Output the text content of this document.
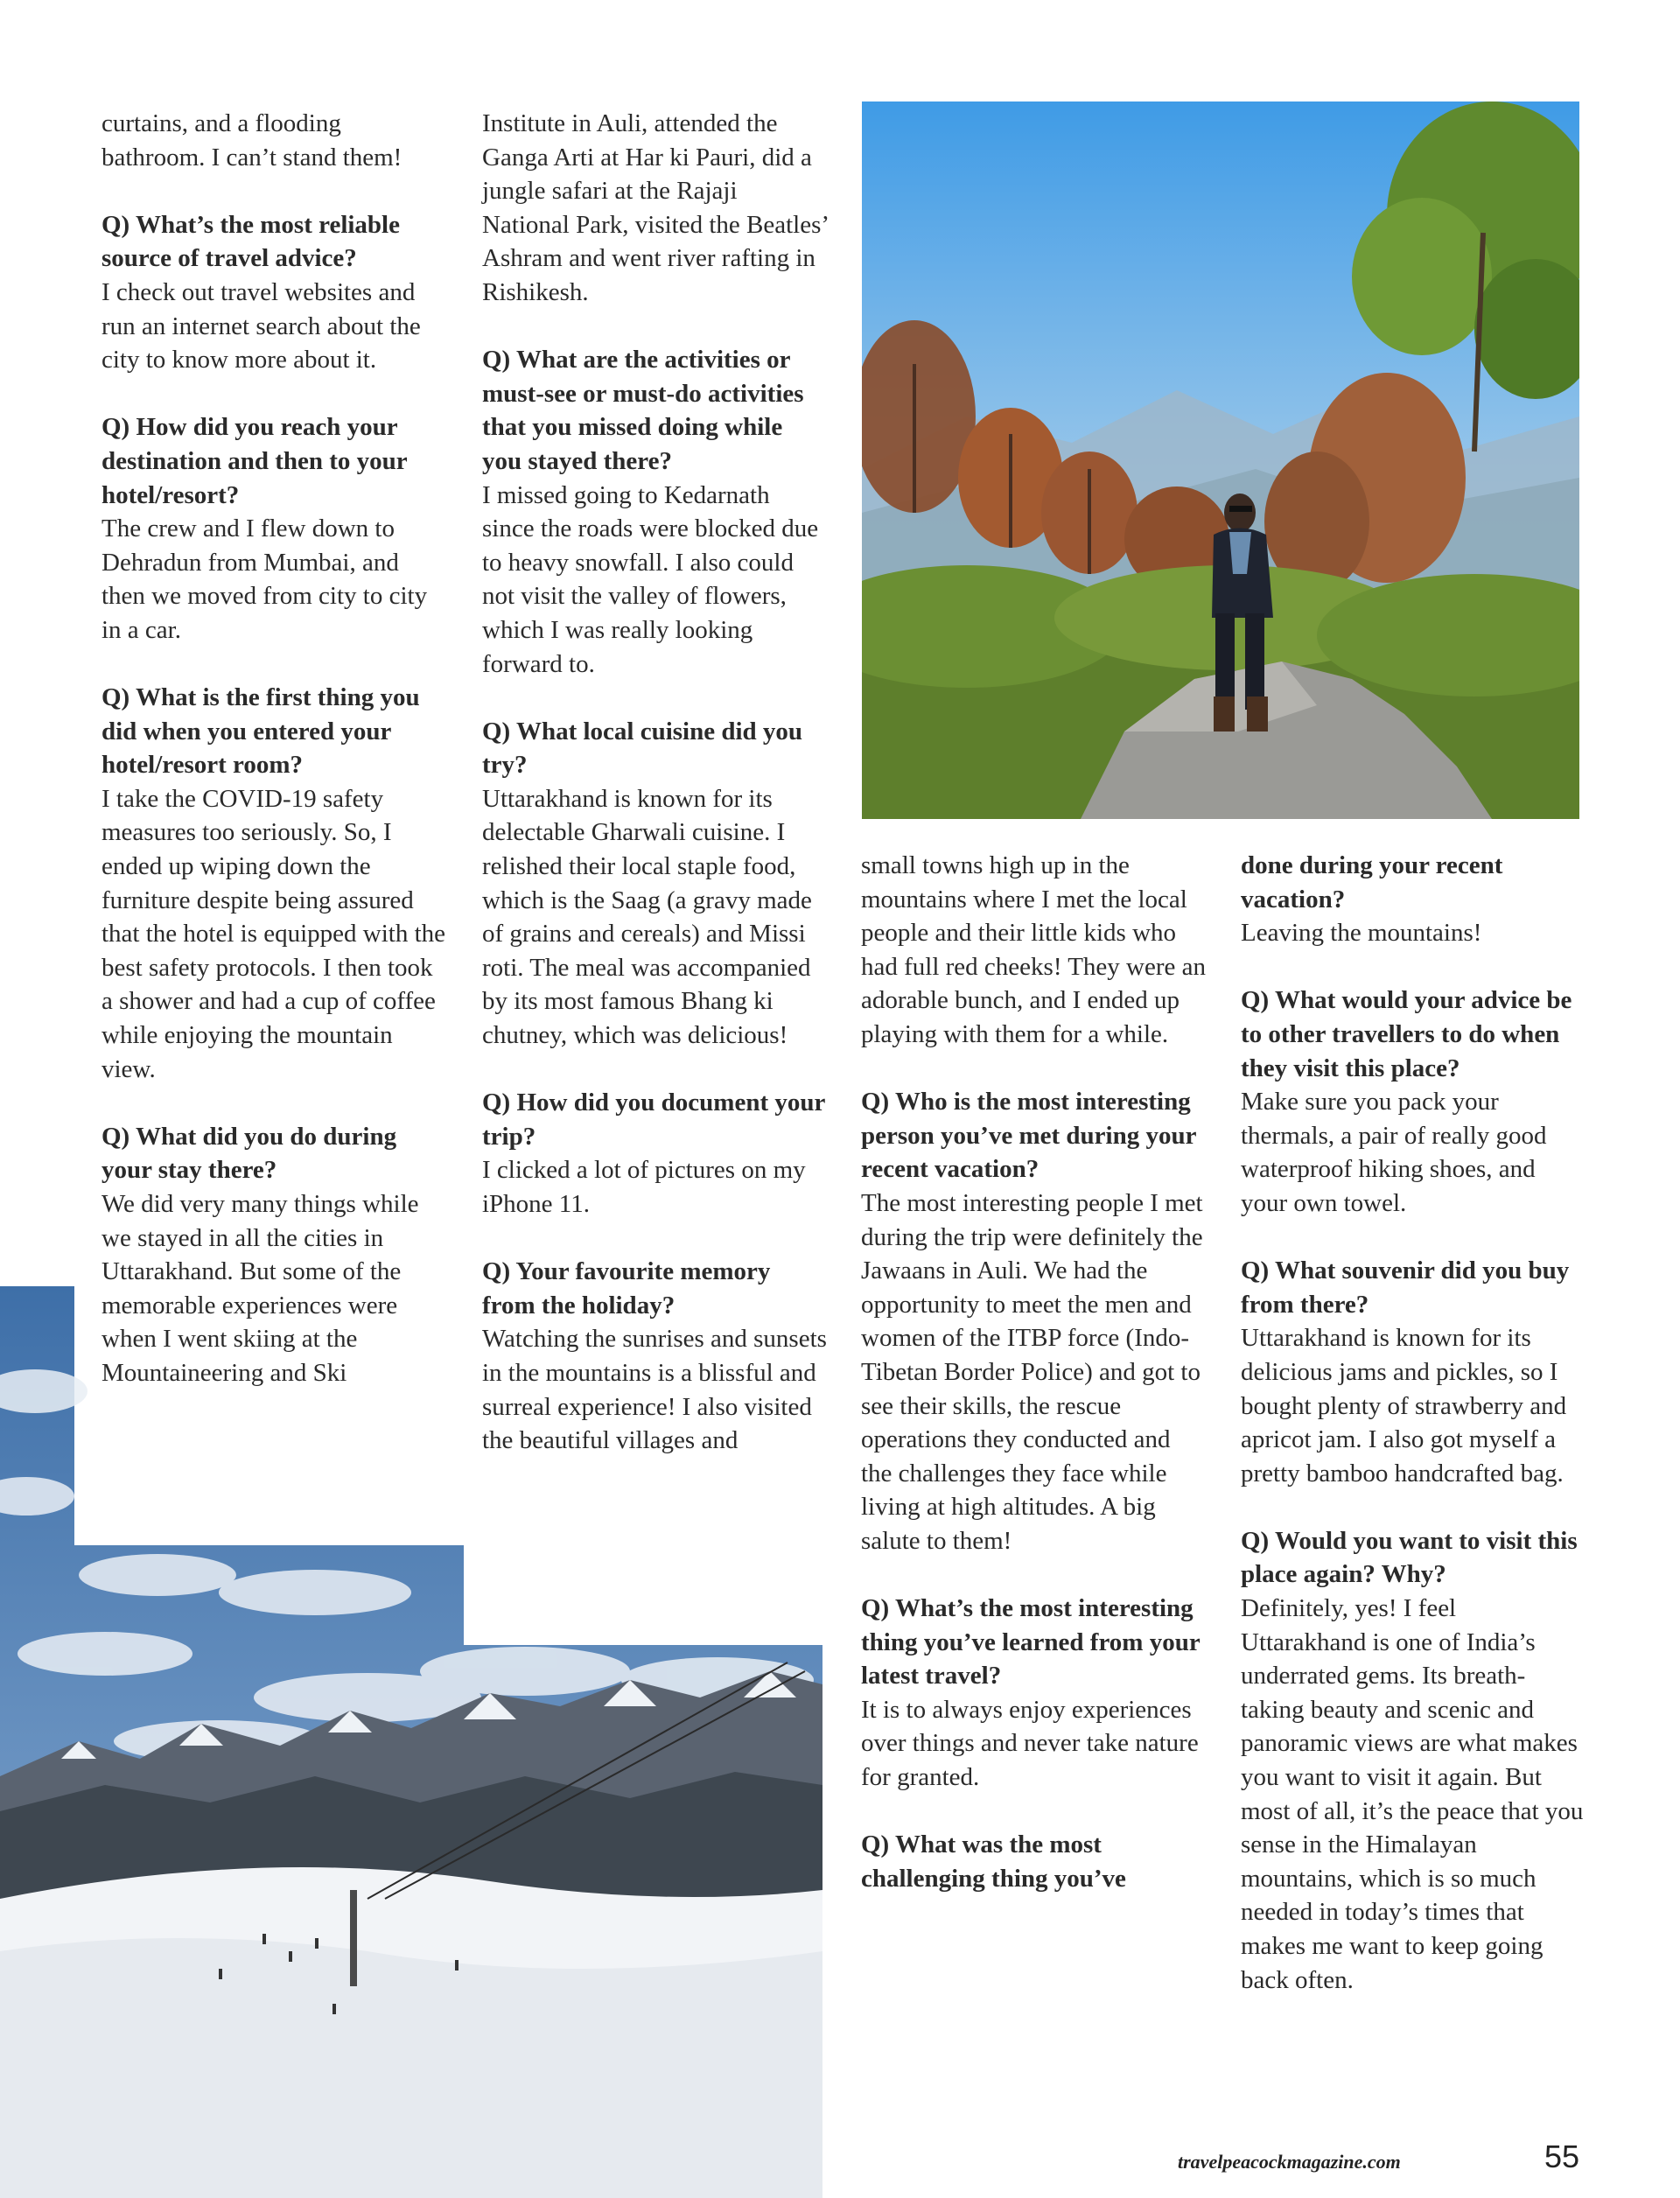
curtains, and a flooding bathroom. I can’t stand them!
Q) What’s the most reliable source of travel advice?
I check out travel websites and run an internet search about the city to know more about it.
Q) How did you reach your destination and then to your hotel/resort?
The crew and I flew down to Dehradun from Mumbai, and then we moved from city to city in a car.
Q) What is the first thing you did when you entered your hotel/resort room?
I take the COVID-19 safety measures too seriously. So, I ended up wiping down the furniture despite being assured that the hotel is equipped with the best safety protocols. I then took a shower and had a cup of coffee while enjoying the mountain view.
Q) What did you do during your stay there?
We did very many things while we stayed in all the cities in Uttarakhand. But some of the memorable experiences were when I went skiing at the Mountaineering and Ski
Institute in Auli, attended the Ganga Arti at Har ki Pauri, did a jungle safari at the Rajaji National Park, visited the Beatles’ Ashram and went river rafting in Rishikesh.
Q) What are the activities or must-see or must-do activities that you missed doing while you stayed there?
I missed going to Kedarnath since the roads were blocked due to heavy snowfall. I also could not visit the valley of flowers, which I was really looking forward to.
Q) What local cuisine did you try?
Uttarakhand is known for its delectable Gharwali cuisine. I relished their local staple food, which is the Saag (a gravy made of grains and cereals) and Missi roti. The meal was accompanied by its most famous Bhang ki chutney, which was delicious!
Q) How did you document your trip?
I clicked a lot of pictures on my iPhone 11.
Q) Your favourite memory from the holiday?
Watching the sunrises and sunsets in the mountains is a blissful and surreal experience! I also visited the beautiful villages and
small towns high up in the mountains where I met the local people and their little kids who had full red cheeks! They were an adorable bunch, and I ended up playing with them for a while.
Q) Who is the most interesting person you’ve met during your recent vacation?
The most interesting people I met during the trip were definitely the Jawaans in Auli. We had the opportunity to meet the men and women of the ITBP force (Indo- Tibetan Border Police) and got to see their skills, the rescue operations they conducted and the challenges they face while living at high altitudes. A big salute to them!
Q) What’s the most interesting thing you’ve learned from your latest travel?
It is to always enjoy experiences over things and never take nature for granted.
Q) What was the most challenging thing you’ve
done during your recent vacation?
Leaving the mountains!
Q) What would your advice be to other travellers to do when they visit this place?
Make sure you pack your thermals, a pair of really good waterproof hiking shoes, and your own towel.
Q) What souvenir did you buy from there?
Uttarakhand is known for its delicious jams and pickles, so I bought plenty of strawberry and apricot jam. I also got myself a pretty bamboo handcrafted bag.
Q) Would you want to visit this place again? Why?
Definitely, yes! I feel Uttarakhand is one of India’s underrated gems. Its breath-taking beauty and scenic and panoramic views are what makes you want to visit it again. But most of all, it’s the peace that you sense in the Himalayan mountains, which is so much needed in today’s times that makes me want to keep going back often.
travelpeacockmagazine.com	55
